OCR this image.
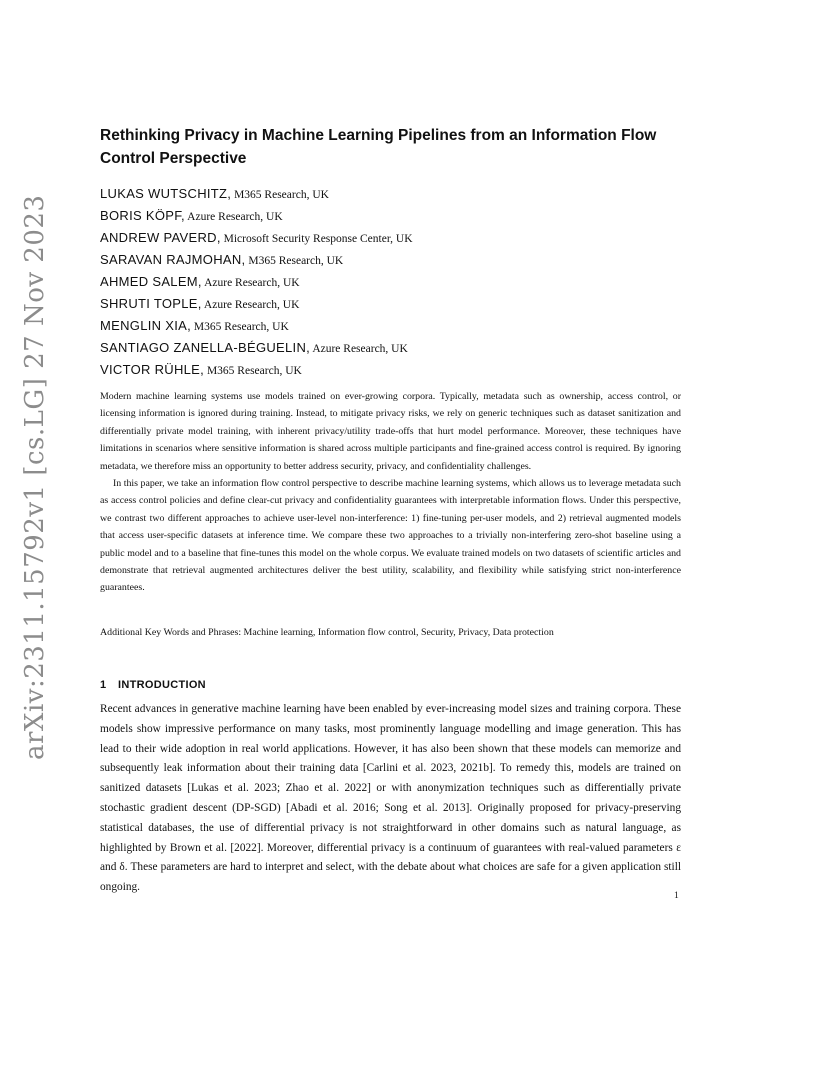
arXiv:2311.15792v1 [cs.LG] 27 Nov 2023
Rethinking Privacy in Machine Learning Pipelines from an Information Flow Control Perspective
LUKAS WUTSCHITZ, M365 Research, UK
BORIS KÖPF, Azure Research, UK
ANDREW PAVERD, Microsoft Security Response Center, UK
SARAVAN RAJMOHAN, M365 Research, UK
AHMED SALEM, Azure Research, UK
SHRUTI TOPLE, Azure Research, UK
MENGLIN XIA, M365 Research, UK
SANTIAGO ZANELLA-BÉGUELIN, Azure Research, UK
VICTOR RÜHLE, M365 Research, UK

Modern machine learning systems use models trained on ever-growing corpora. Typically, metadata such as ownership, access control, or licensing information is ignored during training. Instead, to mitigate privacy risks, we rely on generic techniques such as dataset sanitization and differentially private model training, with inherent privacy/utility trade-offs that hurt model performance. Moreover, these techniques have limitations in scenarios where sensitive information is shared across multiple participants and fine-grained access control is required. By ignoring metadata, we therefore miss an opportunity to better address security, privacy, and confidentiality challenges.

In this paper, we take an information flow control perspective to describe machine learning systems, which allows us to leverage metadata such as access control policies and define clear-cut privacy and confidentiality guarantees with interpretable information flows. Under this perspective, we contrast two different approaches to achieve user-level non-interference: 1) fine-tuning per-user models, and 2) retrieval augmented models that access user-specific datasets at inference time. We compare these two approaches to a trivially non-interfering zero-shot baseline using a public model and to a baseline that fine-tunes this model on the whole corpus. We evaluate trained models on two datasets of scientific articles and demonstrate that retrieval augmented architectures deliver the best utility, scalability, and flexibility while satisfying strict non-interference guarantees.

Additional Key Words and Phrases: Machine learning, Information flow control, Security, Privacy, Data protection
1 INTRODUCTION

Recent advances in generative machine learning have been enabled by ever-increasing model sizes and training corpora. These models show impressive performance on many tasks, most prominently language modelling and image generation. This has lead to their wide adoption in real world applications. However, it has also been shown that these models can memorize and subsequently leak information about their training data [Carlini et al. 2023, 2021b]. To remedy this, models are trained on sanitized datasets [Lukas et al. 2023; Zhao et al. 2022] or with anonymization techniques such as differentially private stochastic gradient descent (DP-SGD) [Abadi et al. 2016; Song et al. 2013]. Originally proposed for privacy-preserving statistical databases, the use of differential privacy is not straightforward in other domains such as natural language, as highlighted by Brown et al. [2022]. Moreover, differential privacy is a continuum of guarantees with real-valued parameters ε and δ. These parameters are hard to interpret and select, with the debate about what choices are safe for a given application still ongoing.

1
